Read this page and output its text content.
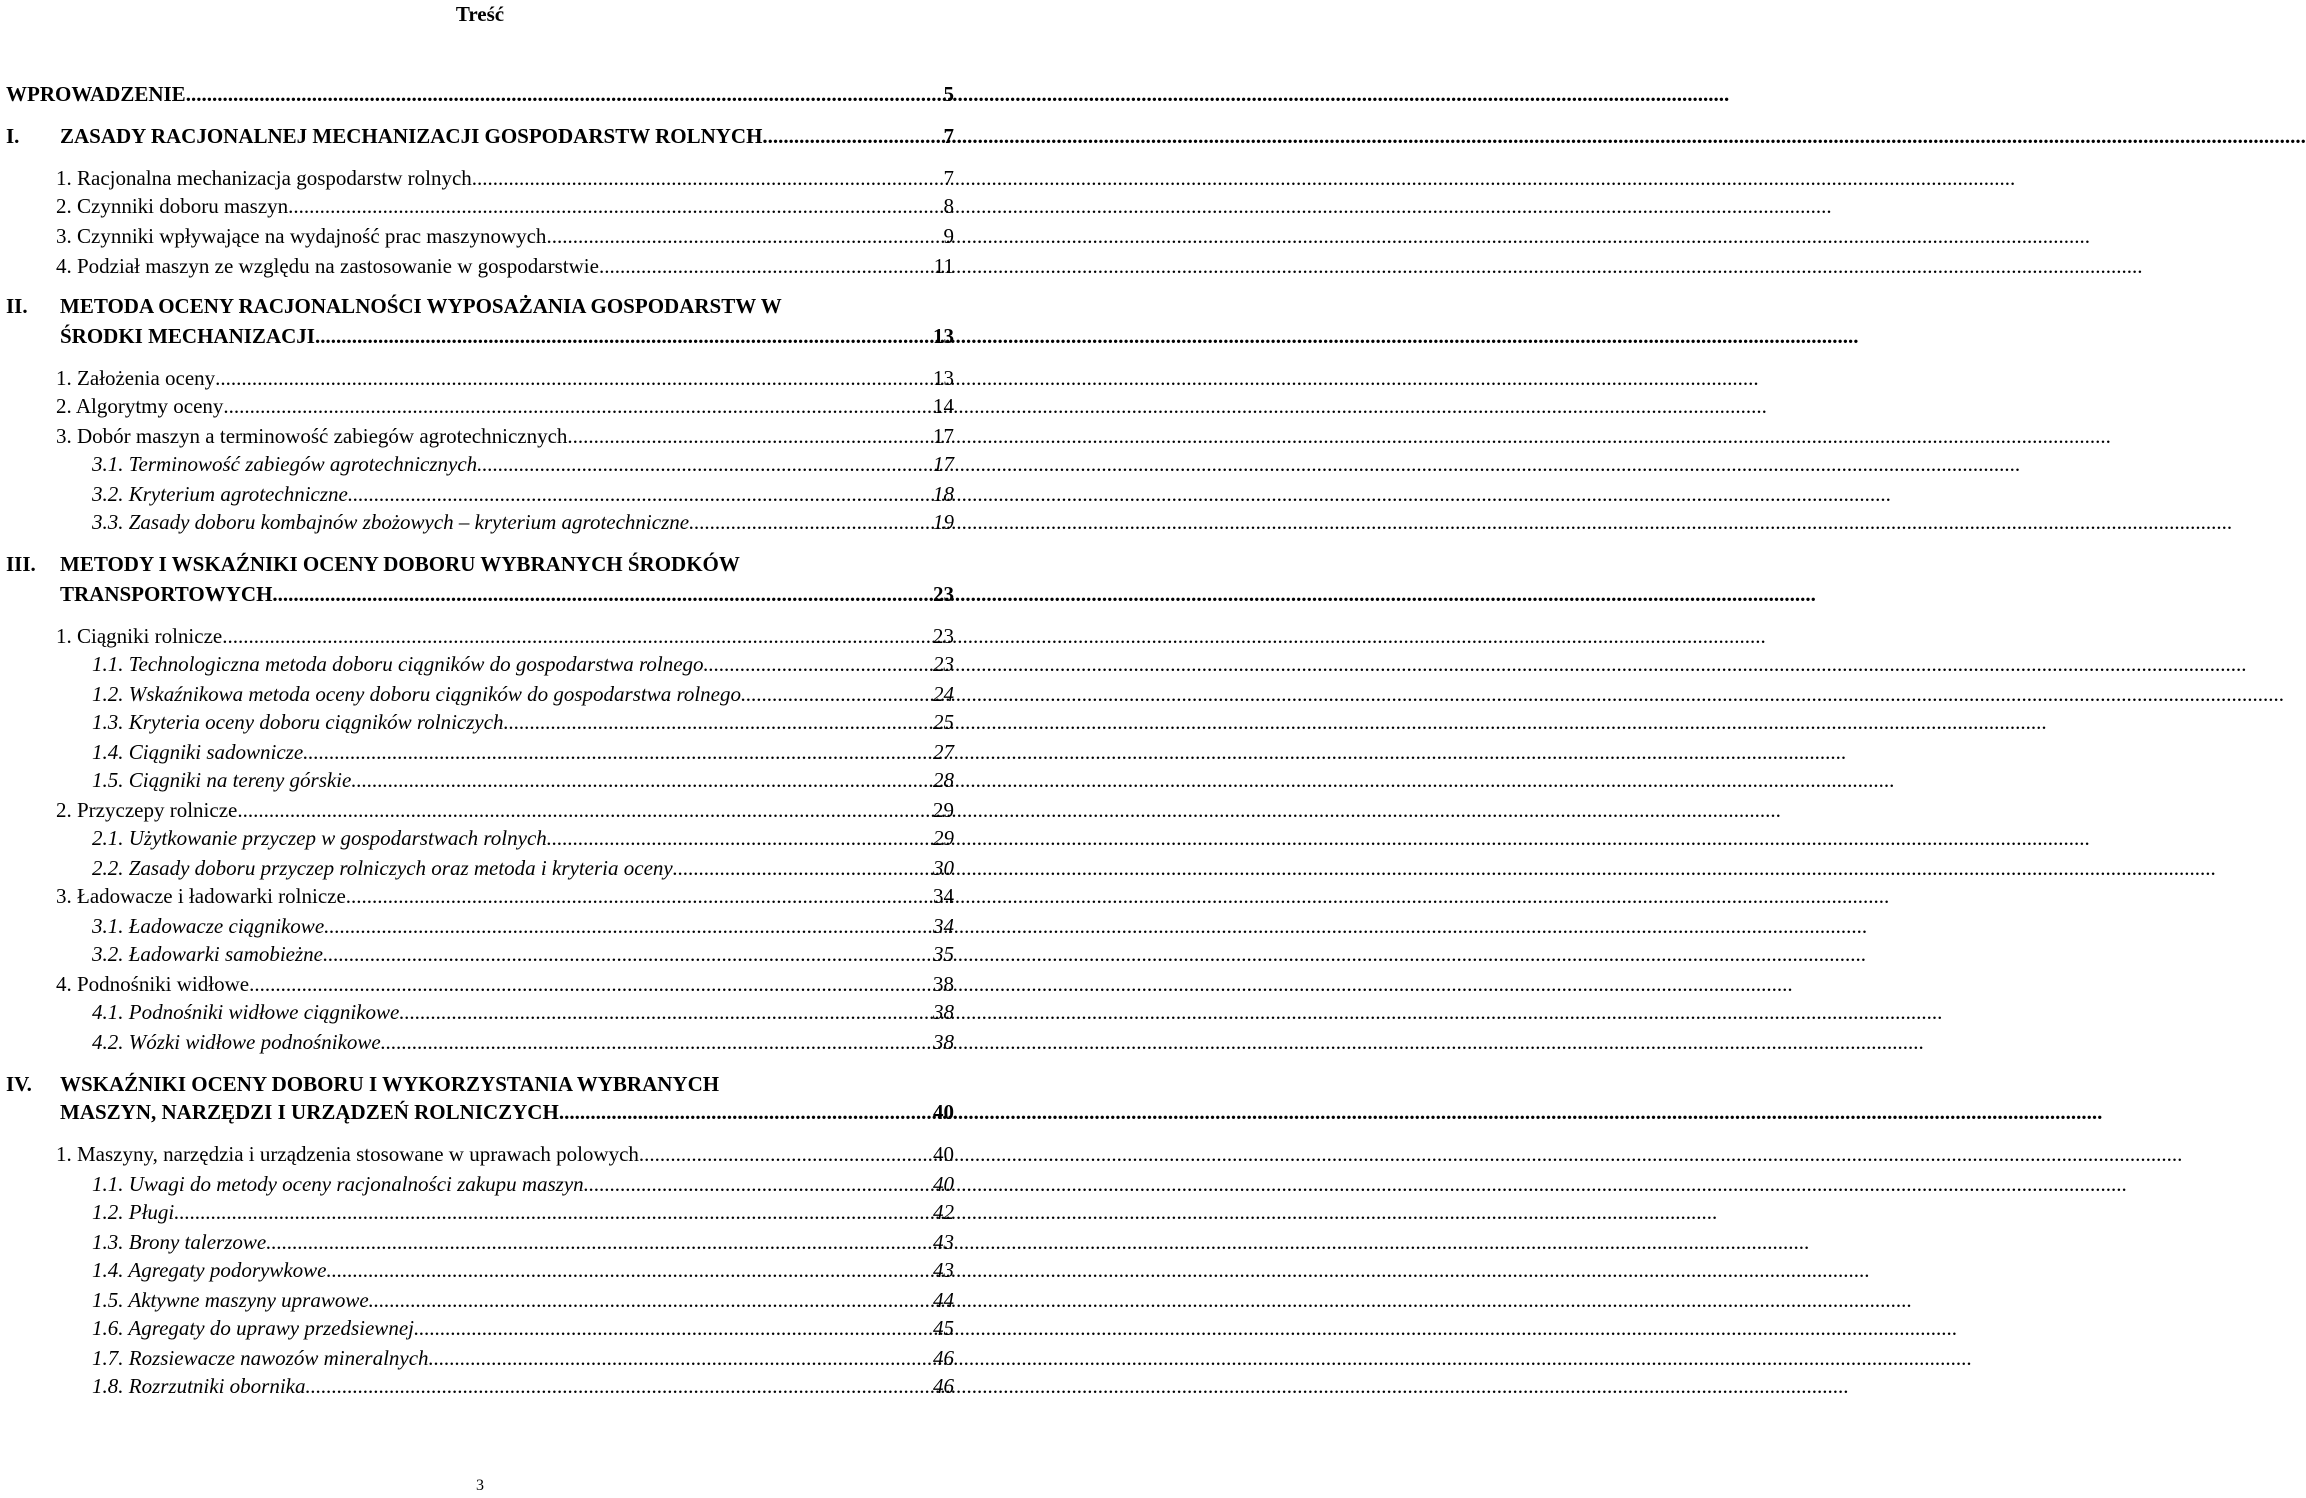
Treść
WPROWADZENIE .....	5
I. ZASADY RACJONALNEJ MECHANIZACJI GOSPODARSTW ROLNYCH .....	7
1. Racjonalna mechanizacja gospodarstw rolnych .....	7
2. Czynniki doboru maszyn .....	8
3. Czynniki wpływające na wydajność prac maszynowych .....	9
4. Podział maszyn ze względu na zastosowanie w gospodarstwie .....	11
II. METODA OCENY RACJONALNOŚCI WYPOSAŻANIA GOSPODARSTW W
ŚRODKI MECHANIZACJI .....	13
1. Założenia oceny .....	13
2. Algorytmy oceny .....	14
3. Dobór maszyn a terminowość zabiegów agrotechnicznych .....	17
3.1. Terminowość zabiegów agrotechnicznych .....	17
3.2. Kryterium agrotechniczne .....	18
3.3. Zasady doboru kombajnów zbożowych – kryterium agrotechniczne .....	19
III. METODY I WSKAŹNIKI OCENY DOBORU WYBRANYCH ŚRODKÓW
TRANSPORTOWYCH .....	23
1. Ciągniki rolnicze .....	23
1.1. Technologiczna metoda doboru ciągników do gospodarstwa rolnego .....	23
1.2. Wskaźnikowa metoda oceny doboru ciągników do gospodarstwa rolnego .....	24
1.3. Kryteria oceny doboru ciągników rolniczych .....	25
1.4. Ciągniki sadownicze .....	27
1.5. Ciągniki na tereny górskie .....	28
2. Przyczepy rolnicze .....	29
2.1. Użytkowanie przyczep w gospodarstwach rolnych .....	29
2.2. Zasady doboru przyczep rolniczych oraz metoda i kryteria oceny .....	30
3. Ładowacze i ładowarki rolnicze .....	34
3.1. Ładowacze ciągnikowe .....	34
3.2. Ładowarki samobieżne .....	35
4. Podnośniki widłowe .....	38
4.1. Podnośniki widłowe ciągnikowe .....	38
4.2. Wózki widłowe podnośnikowe .....	38
IV. WSKAŹNIKI OCENY DOBORU I WYKORZYSTANIA WYBRANYCH
MASZYN, NARZĘDZI I URZĄDZEŃ ROLNICZYCH .....	40
1. Maszyny, narzędzia i urządzenia stosowane w uprawach polowych .....	40
1.1. Uwagi do metody oceny racjonalności zakupu maszyn .....	40
1.2. Pługi .....	42
1.3. Brony talerzowe .....	43
1.4. Agregaty podorywkowe .....	43
1.5. Aktywne maszyny uprawowe .....	44
1.6. Agregaty do uprawy przedsiewnej .....	45
1.7. Rozsiewacze nawozów mineralnych .....	46
1.8. Rozrzutniki obornika .....	46
3
